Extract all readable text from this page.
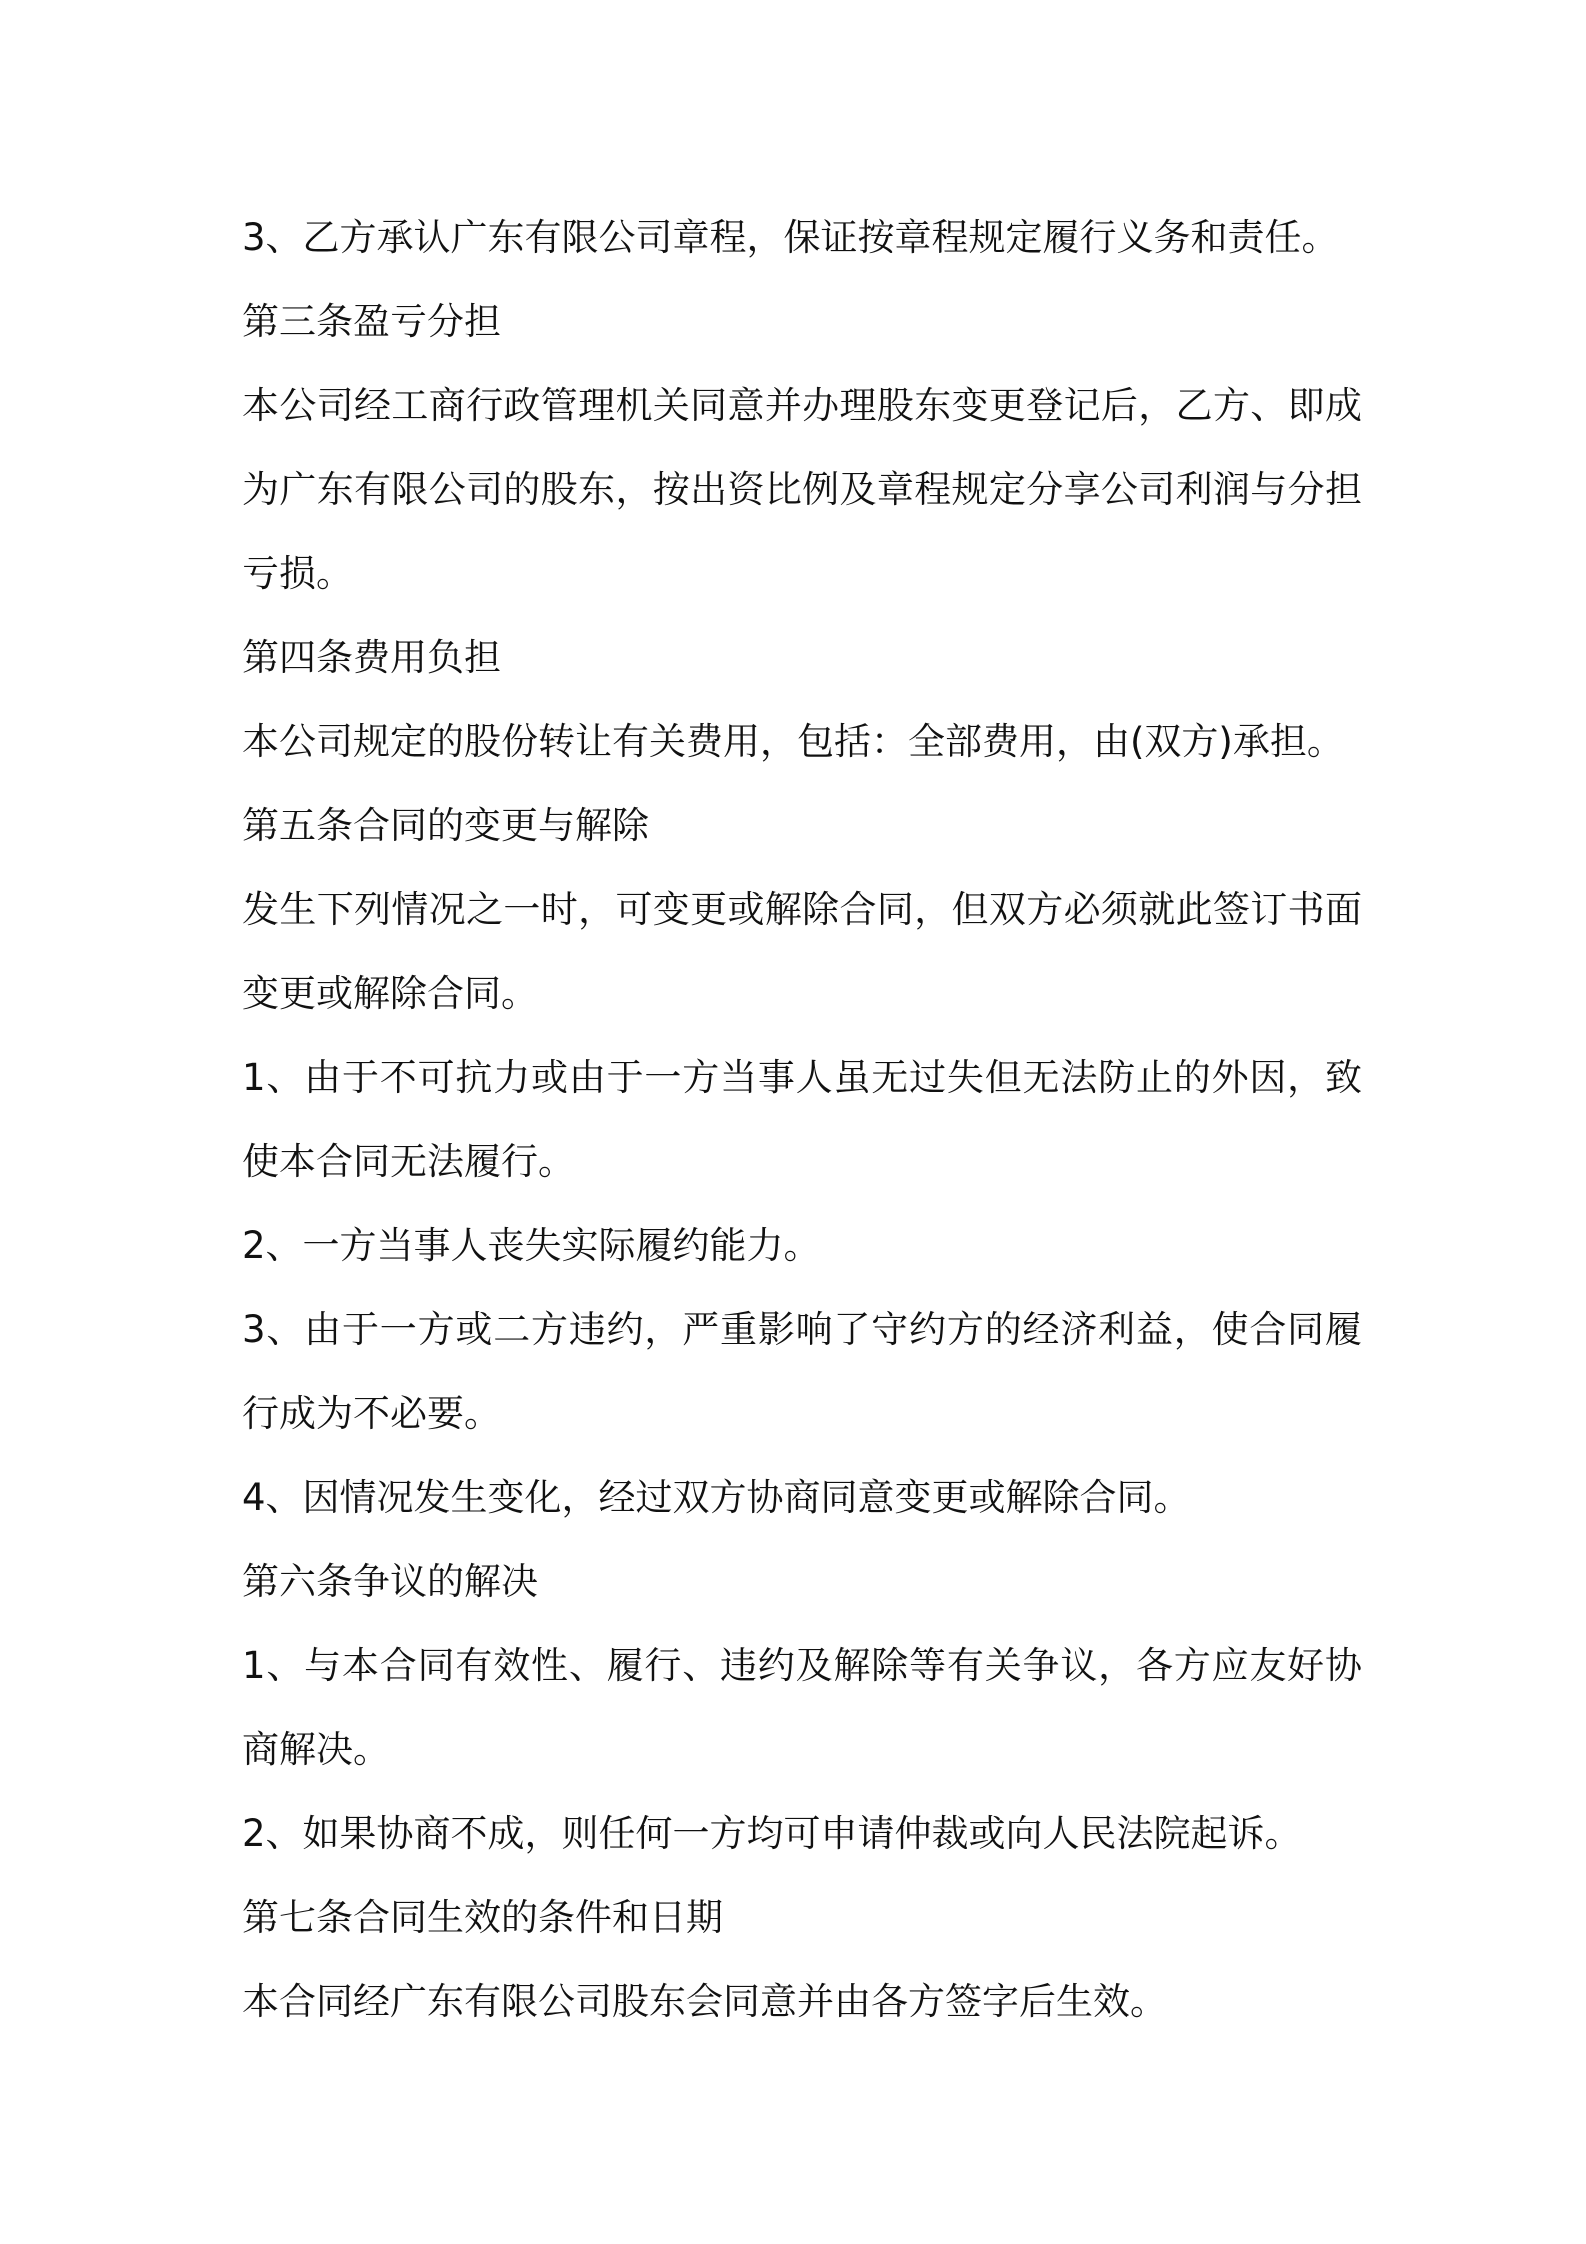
3、乙方承认广东有限公司章程，保证按章程规定履行义务和责任。
第三条盈亏分担
本公司经工商行政管理机关同意并办理股东变更登记后，乙方、即成
为广东有限公司的股东，按出资比例及章程规定分享公司利润与分担
亏损。
第四条费用负担
本公司规定的股份转让有关费用，包括：全部费用，由(双方)承担。
第五条合同的变更与解除
发生下列情况之一时，可变更或解除合同，但双方必须就此签订书面
变更或解除合同。
1、由于不可抗力或由于一方当事人虽无过失但无法防止的外因，致
使本合同无法履行。
2、一方当事人丧失实际履约能力。
3、由于一方或二方违约，严重影响了守约方的经济利益，使合同履
行成为不必要。
4、因情况发生变化，经过双方协商同意变更或解除合同。
第六条争议的解决
1、与本合同有效性、履行、违约及解除等有关争议，各方应友好协
商解决。
2、如果协商不成，则任何一方均可申请仲裁或向人民法院起诉。
第七条合同生效的条件和日期
本合同经广东有限公司股东会同意并由各方签字后生效。
